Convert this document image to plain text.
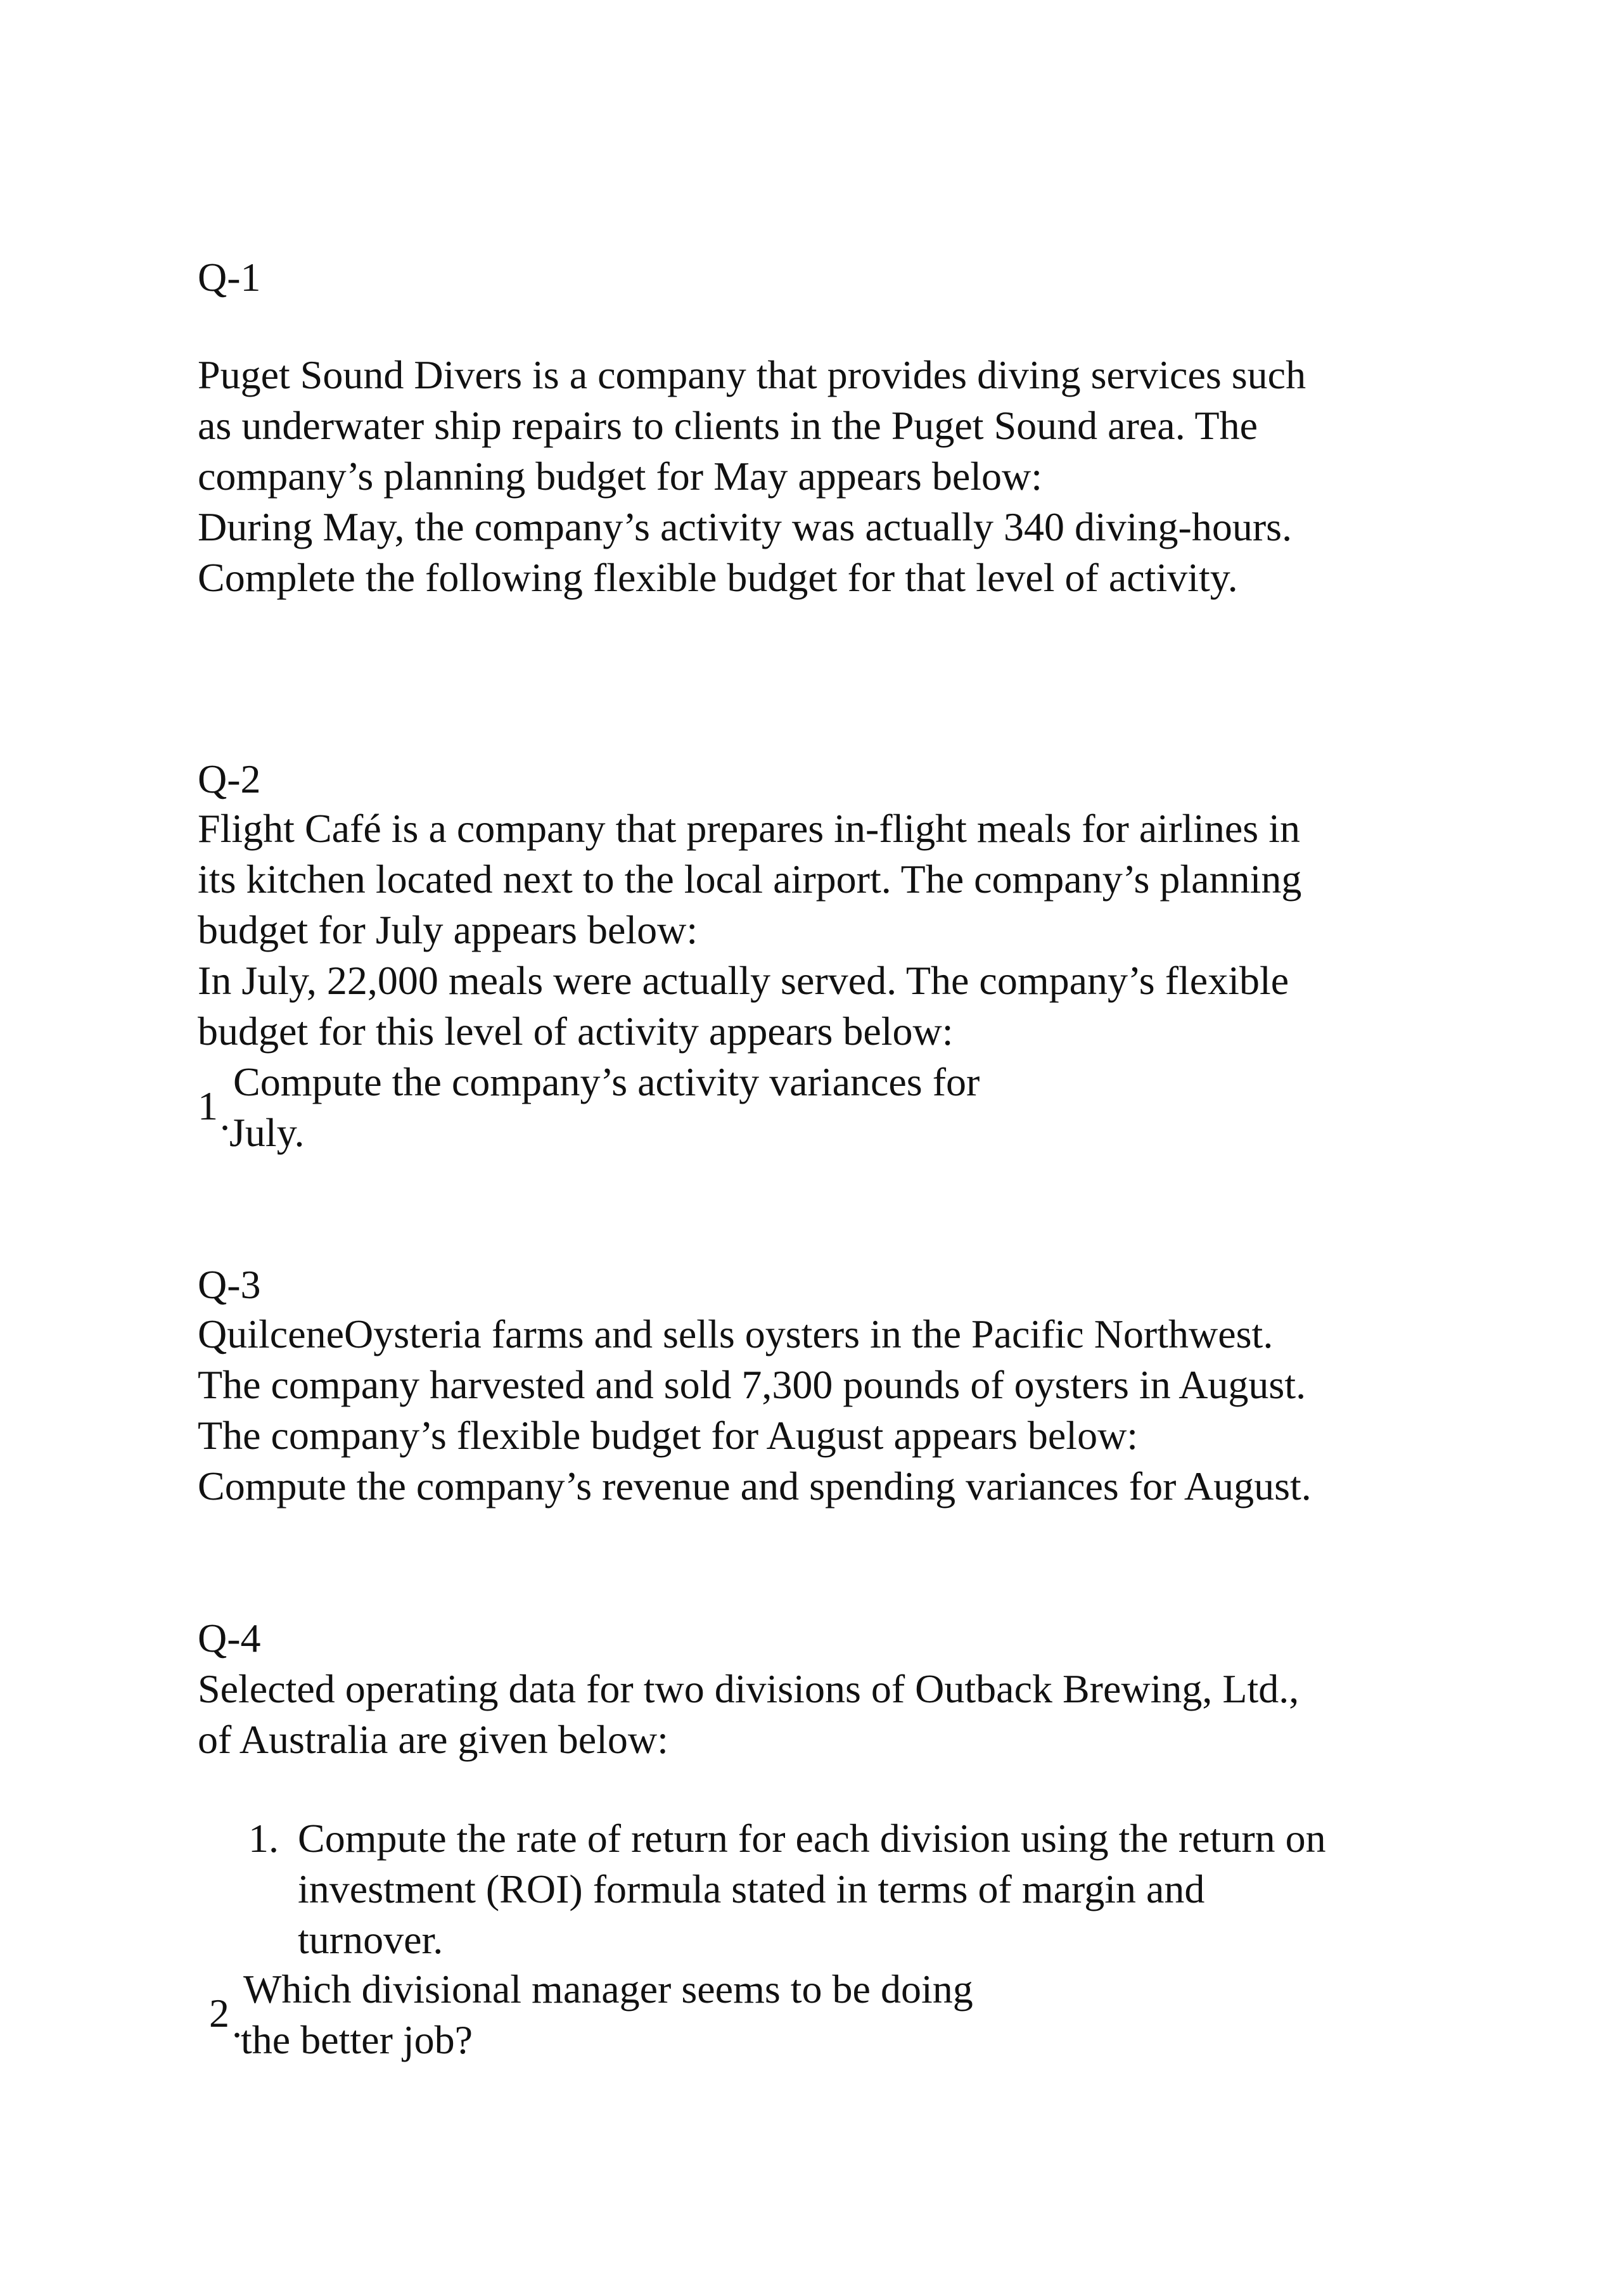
Q-1
Puget Sound Divers is a company that provides diving services such
as underwater ship repairs to clients in the Puget Sound area. The
company’s planning budget for May appears below:
During May, the company’s activity was actually 340 diving-hours.
Complete the following flexible budget for that level of activity.
Q-2
Flight Café is a company that prepares in-flight meals for airlines in
its kitchen located next to the local airport. The company’s planning
budget for July appears below:
In July, 22,000 meals were actually served. The company’s flexible
budget for this level of activity appears below:
1 .
Compute the company’s activity variances for
July.
Q-3
QuilceneOysteria farms and sells oysters in the Pacific Northwest.
The company harvested and sold 7,300 pounds of oysters in August.
The company’s flexible budget for August appears below:
Compute the company’s revenue and spending variances for August.
Q-4
Selected operating data for two divisions of Outback Brewing, Ltd.,
of Australia are given below:
1. Compute the rate of return for each division using the return on
investment (ROI) formula stated in terms of margin and
turnover.
2 .
Which divisional manager seems to be doing
the better job?
